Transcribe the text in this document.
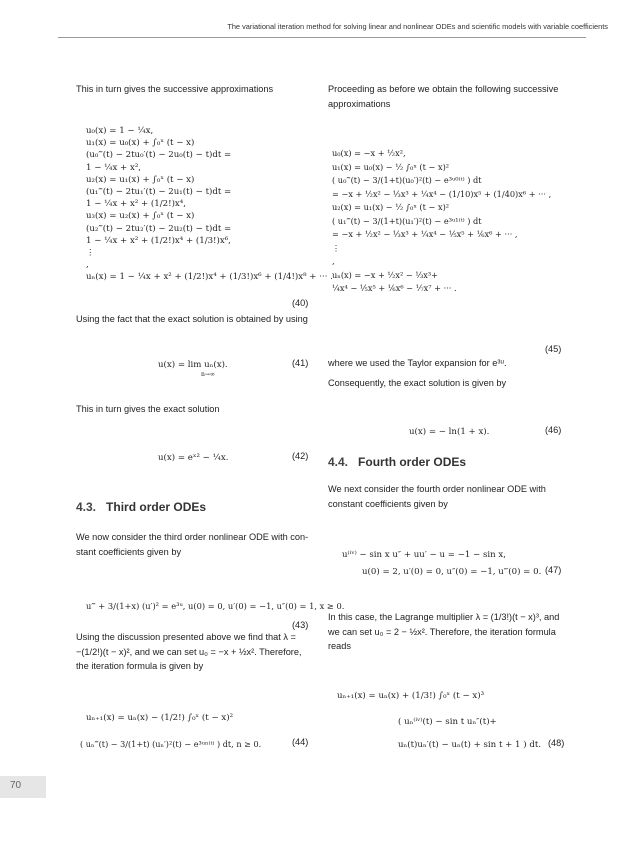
The variational iteration method for solving linear and nonlinear ODEs and scientific models with variable coefficients
This in turn gives the successive approximations
u₀(x) = 1 − ¼x,
u₁(x) = u₀(x) + ∫₀ˣ (t − x)
(u₀‴(t) − 2tu₀′(t) − 2u₀(t) − t)dt =
1 − ¼x + x²,
u₂(x) = u₁(x) + ∫₀ˣ (t − x)
(u₁‴(t) − 2tu₁′(t) − 2u₁(t) − t)dt =
1 − ¼x + x² + (1/2!)x⁴,
u₃(x) = u₂(x) + ∫₀ˣ (t − x)
(u₂‴(t) − 2tu₂′(t) − 2u₂(t) − t)dt =
1 − ¼x + x² + (1/2!)x⁴ + (1/3!)x⁶,
⋮
,
uₙ(x) = 1 − ¼x + x² + (1/2!)x⁴ + (1/3!)x⁶ + (1/4!)x⁸ + ··· .
(40)
Using the fact that the exact solution is obtained by using
u(x) = lim uₙ(x).
n→∞
(41)
This in turn gives the exact solution
u(x) = eˣ² − ¼x.	(42)
4.3. Third order ODEs
We now consider the third order nonlinear ODE with con-
stant coefficients given by
u‴ + 3/(1+x) (u′)² = e³ᵘ, u(0) = 0, u′(0) = −1, u″(0) = 1, x ≥ 0.
(43)
Using the discussion presented above we find that λ =
−(1/2!)(t − x)², and we can set u₀ = −x + ½x². Therefore,
the iteration formula is given by
uₙ₊₁(x) = uₙ(x) − (1/2!) ∫₀ˣ (t − x)²
( uₙ‴(t) − 3/(1+t) (uₙ′)²(t) − e³ᵘⁿ⁽ᵗ⁾ ) dt, n ≥ 0.	(44)
Proceeding as before we obtain the following successive
approximations
u₀(x) = −x + ½x²,
u₁(x) = u₀(x) − ½ ∫₀ˣ (t − x)²
( u₀‴(t) − 3/(1+t)(u₀′)²(t) − e³ᵘ⁰⁽ᵗ⁾ ) dt
= −x + ½x² − ⅓x³ + ¼x⁴ − (1/10)x⁵ + (1/40)x⁶ + ··· ,
u₂(x) = u₁(x) − ½ ∫₀ˣ (t − x)²
( u₁‴(t) − 3/(1+t)(u₁′)²(t) − e³ᵘ¹⁽ᵗ⁾ ) dt
= −x + ½x² − ⅓x³ + ¼x⁴ − ⅕x⁵ + ⅙x⁶ + ··· ,
⋮
,
uₙ(x) = −x + ½x² − ⅓x³+
¼x⁴ − ⅕x⁵ + ⅙x⁶ − ⅐x⁷ + ··· .
(45)
where we used the Taylor expansion for e³ᵘ.
Consequently, the exact solution is given by
u(x) = − ln(1 + x).	(46)
4.4. Fourth order ODEs
We next consider the fourth order nonlinear ODE with
constant coefficients given by
u⁽ⁱᵛ⁾ − sin x u″ + uu′ − u = −1 − sin x,
u(0) = 2, u′(0) = 0, u″(0) = −1, u‴(0) = 0. (47)
In this case, the Lagrange multiplier λ = (1/3!)(t − x)³, and
we can set u₀ = 2 − ½x². Therefore, the iteration formula
reads
uₙ₊₁(x) = uₙ(x) + (1/3!) ∫₀ˣ (t − x)³
( uₙ⁽ⁱᵛ⁾(t) − sin t uₙ″(t)+
uₙ(t)uₙ′(t) − uₙ(t) + sin t + 1 ) dt. (48)
70
